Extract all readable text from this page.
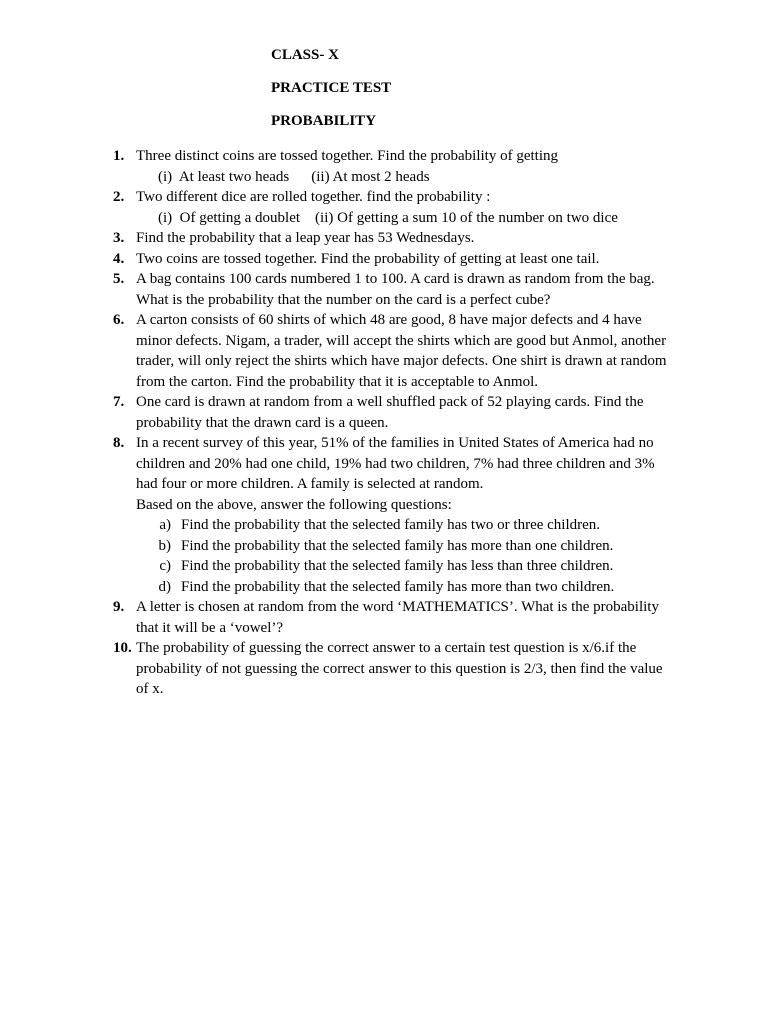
CLASS- X
PRACTICE TEST
PROBABILITY
1. Three distinct coins are tossed together. Find the probability of getting
(i)  At least two heads (ii) At most 2 heads
2. Two different dice are rolled together. find the probability :
(i)  Of getting a doublet (ii) Of getting a sum 10 of the number on two dice
3. Find the probability that a leap year has 53 Wednesdays.
4. Two coins are tossed together. Find the probability of getting at least one tail.
5. A bag contains 100 cards numbered 1 to 100. A card is drawn as random from the bag. What is the probability that the number on the card is a perfect cube?
6. A carton consists of 60 shirts of which 48 are good, 8 have major defects and 4 have minor defects. Nigam, a trader, will accept the shirts which are good but Anmol, another trader, will only reject the shirts which have major defects. One shirt is drawn at random from the carton. Find the probability that it is acceptable to Anmol.
7. One card is drawn at random from a well shuffled pack of 52 playing cards. Find the probability that the drawn card is a queen.
8. In a recent survey of this year, 51% of the families in United States of America had no children and 20% had one child, 19% had two children, 7% had three children and 3% had four or more children. A family is selected at random.
Based on the above, answer the following questions:
a) Find the probability that the selected family has two or three children.
b) Find the probability that the selected family has more than one children.
c) Find the probability that the selected family has less than three children.
d) Find the probability that the selected family has more than two children.
9. A letter is chosen at random from the word ‘MATHEMATICS’. What is the probability that it will be a ‘vowel’?
10. The probability of guessing the correct answer to a certain test question is x/6.if the probability of not guessing the correct answer to this question is 2/3, then find the value of x.
